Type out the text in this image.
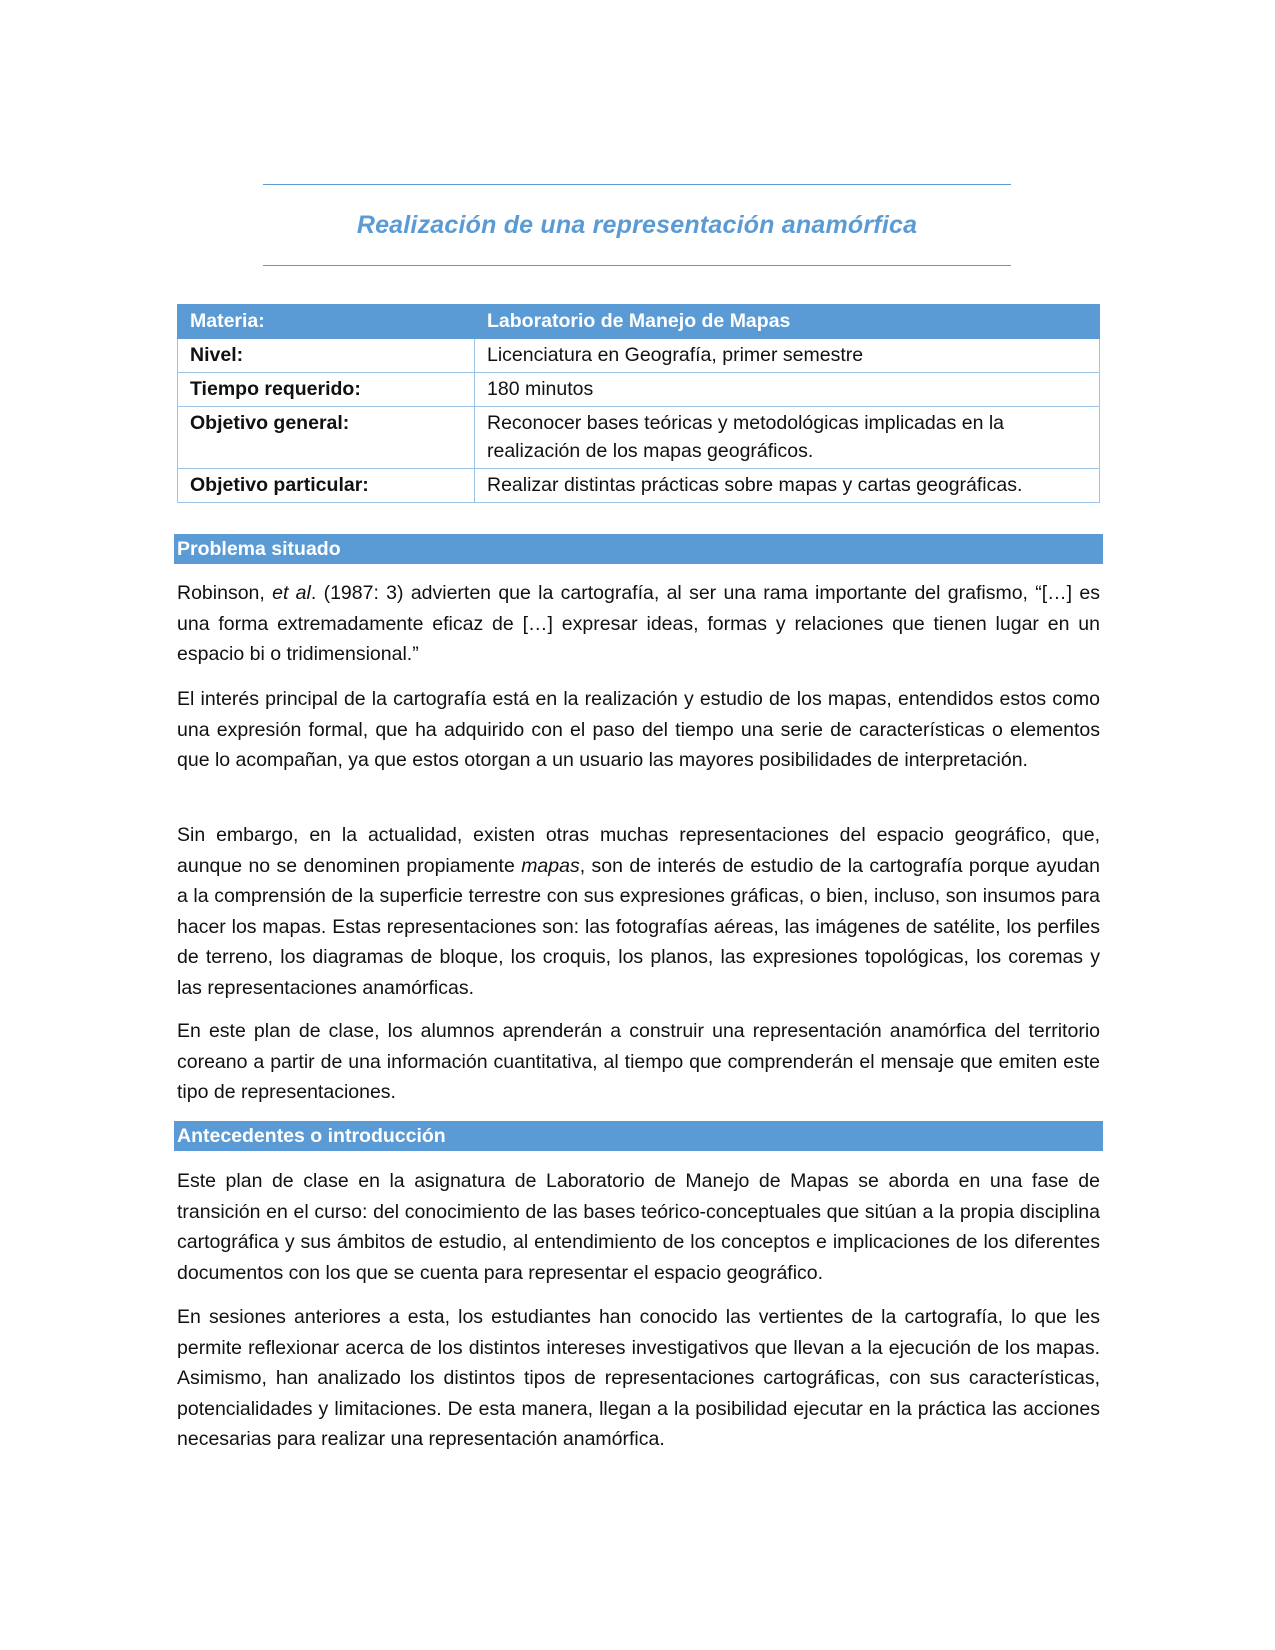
Realización de una representación anamórfica
Materia:	Laboratorio de Manejo de Mapas
Nivel:	Licenciatura en Geografía, primer semestre
Tiempo requerido:	180 minutos
Objetivo general:	Reconocer bases teóricas y metodológicas implicadas en la realización de los mapas geográficos.
Objetivo particular:	Realizar distintas prácticas sobre mapas y cartas geográficas.
Problema situado

Robinson, et al. (1987: 3) advierten que la cartografía, al ser una rama importante del grafismo, “[…] es una forma extremadamente eficaz de […] expresar ideas, formas y relaciones que tienen lugar en un espacio bi o tridimensional.”

El interés principal de la cartografía está en la realización y estudio de los mapas, entendidos estos como una expresión formal, que ha adquirido con el paso del tiempo una serie de características o elementos que lo acompañan, ya que estos otorgan a un usuario las mayores posibilidades de interpretación.

Sin embargo, en la actualidad, existen otras muchas representaciones del espacio geográfico, que, aunque no se denominen propiamente mapas, son de interés de estudio de la cartografía porque ayudan a la comprensión de la superficie terrestre con sus expresiones gráficas, o bien, incluso, son insumos para hacer los mapas. Estas representaciones son: las fotografías aéreas, las imágenes de satélite, los perfiles de terreno, los diagramas de bloque, los croquis, los planos, las expresiones topológicas, los coremas y las representaciones anamórficas.

En este plan de clase, los alumnos aprenderán a construir una representación anamórfica del territorio coreano a partir de una información cuantitativa, al tiempo que comprenderán el mensaje que emiten este tipo de representaciones.

Antecedentes o introducción

Este plan de clase en la asignatura de Laboratorio de Manejo de Mapas se aborda en una fase de transición en el curso: del conocimiento de las bases teórico-conceptuales que sitúan a la propia disciplina cartográfica y sus ámbitos de estudio, al entendimiento de los conceptos e implicaciones de los diferentes documentos con los que se cuenta para representar el espacio geográfico.

En sesiones anteriores a esta, los estudiantes han conocido las vertientes de la cartografía, lo que les permite reflexionar acerca de los distintos intereses investigativos que llevan a la ejecución de los mapas. Asimismo, han analizado los distintos tipos de representaciones cartográficas, con sus características, potencialidades y limitaciones. De esta manera, llegan a la posibilidad ejecutar en la práctica las acciones necesarias para realizar una representación anamórfica.
